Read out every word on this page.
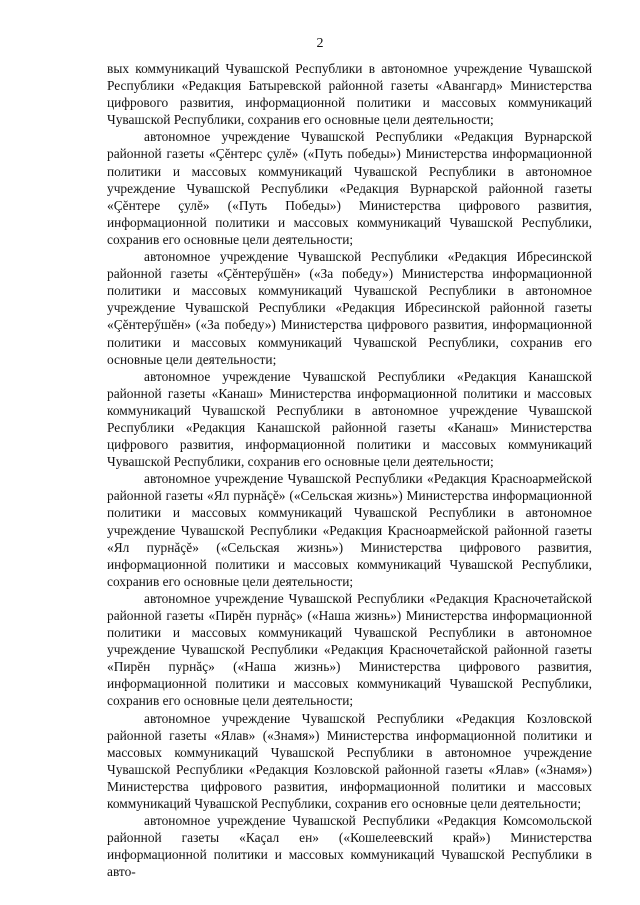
2

вых коммуникаций Чувашской Республики в автономное учреждение Чувашской Республики «Редакция Батыревской районной газеты «Авангард» Министерства цифрового развития, информационной политики и массовых коммуникаций Чувашской Республики, сохранив его основные цели деятельности;

автономное учреждение Чувашской Республики «Редакция Вурнарской районной газеты «Çĕнтерс çулĕ» («Путь победы») Министерства информационной политики и массовых коммуникаций Чувашской Республики в автономное учреждение Чувашской Республики «Редакция Вурнарской районной газеты «Çĕнтере çулĕ» («Путь Победы») Министерства цифрового развития, информационной политики и массовых коммуникаций Чувашской Республики, сохранив его основные цели деятельности;

автономное учреждение Чувашской Республики «Редакция Ибресинской районной газеты «Çĕнтерӳшĕн» («За победу») Министерства информационной политики и массовых коммуникаций Чувашской Республики в автономное учреждение Чувашской Республики «Редакция Ибресинской районной газеты «Çĕнтерӳшĕн» («За победу») Министерства цифрового развития, информационной политики и массовых коммуникаций Чувашской Республики, сохранив его основные цели деятельности;

автономное учреждение Чувашской Республики «Редакция Канашской районной газеты «Канаш» Министерства информационной политики и массовых коммуникаций Чувашской Республики в автономное учреждение Чувашской Республики «Редакция Канашской районной газеты «Канаш» Министерства цифрового развития, информационной политики и массовых коммуникаций Чувашской Республики, сохранив его основные цели деятельности;

автономное учреждение Чувашской Республики «Редакция Красноармейской районной газеты «Ял пурнăçĕ» («Сельская жизнь») Министерства информационной политики и массовых коммуникаций Чувашской Республики в автономное учреждение Чувашской Республики «Редакция Красноармейской районной газеты «Ял пурнăçĕ» («Сельская жизнь») Министерства цифрового развития, информационной политики и массовых коммуникаций Чувашской Республики, сохранив его основные цели деятельности;

автономное учреждение Чувашской Республики «Редакция Красночетайской районной газеты «Пирĕн пурнăç» («Наша жизнь») Министерства информационной политики и массовых коммуникаций Чувашской Республики в автономное учреждение Чувашской Республики «Редакция Красночетайской районной газеты «Пирĕн пурнăç» («Наша жизнь») Министерства цифрового развития, информационной политики и массовых коммуникаций Чувашской Республики, сохранив его основные цели деятельности;

автономное учреждение Чувашской Республики «Редакция Козловской районной газеты «Ялав» («Знамя») Министерства информационной политики и массовых коммуникаций Чувашской Республики в автономное учреждение Чувашской Республики «Редакция Козловской районной газеты «Ялав» («Знамя») Министерства цифрового развития, информационной политики и массовых коммуникаций Чувашской Республики, сохранив его основные цели деятельности;

автономное учреждение Чувашской Республики «Редакция Комсомольской районной газеты «Каçал ен» («Кошелеевский край») Министерства информационной политики и массовых коммуникаций Чувашской Республики в авто-
